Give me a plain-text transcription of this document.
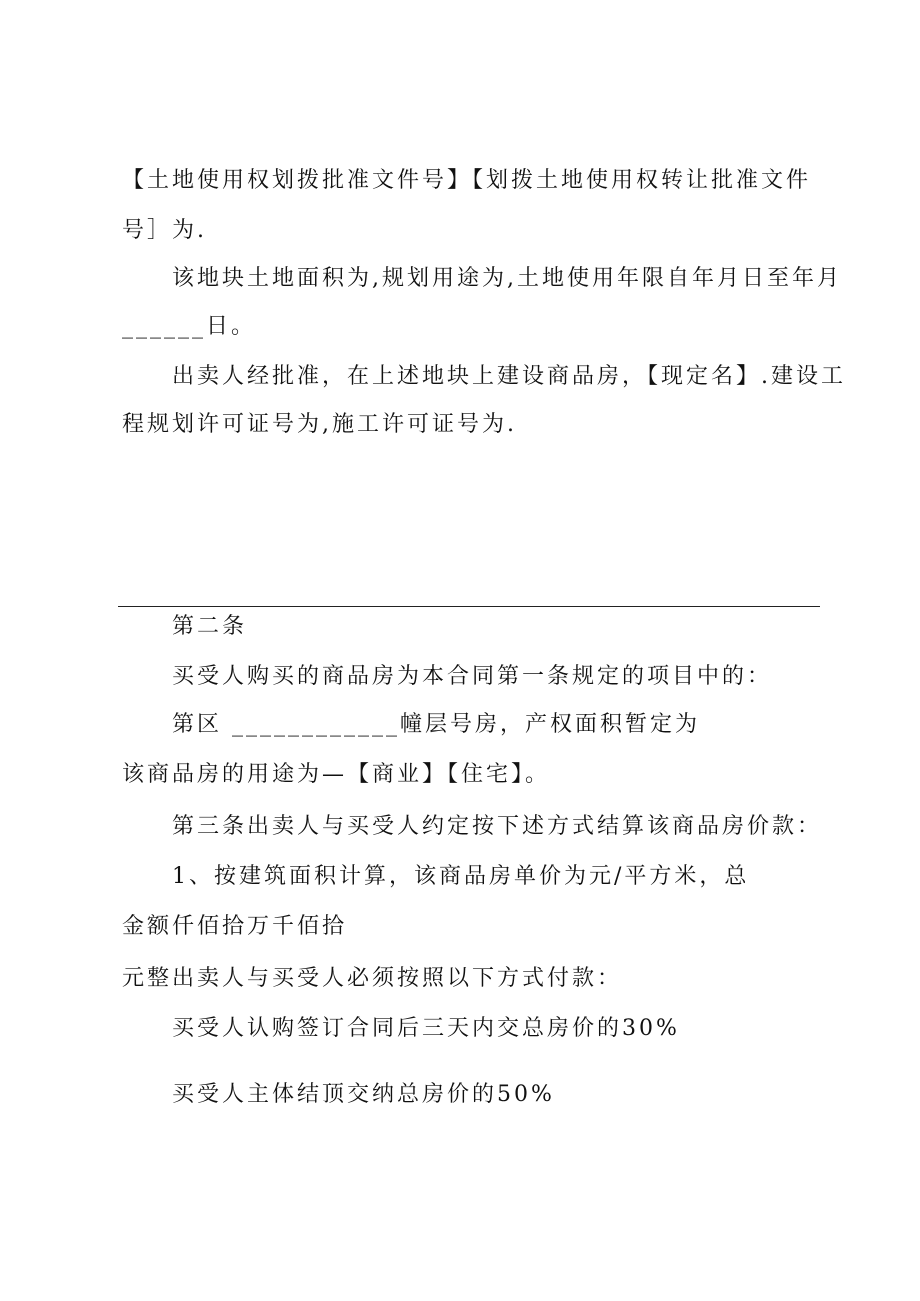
【土地使用权划拨批准文件号】【划拨土地使用权转让批准文件
号］为.
该地块土地面积为,规划用途为,土地使用年限自年月日至年月
______日。
出卖人经批准，在上述地块上建设商品房，【现定名】.建设工
程规划许可证号为,施工许可证号为.
第二条
买受人购买的商品房为本合同第一条规定的项目中的：
第区 ____________幢层号房，产权面积暂定为
该商品房的用途为—【商业】【住宅】。
第三条出卖人与买受人约定按下述方式结算该商品房价款：
1、按建筑面积计算，该商品房单价为元/平方米，总
金额仟佰拾万千佰拾
元整出卖人与买受人必须按照以下方式付款：
买受人认购签订合同后三天内交总房价的30%
买受人主体结顶交纳总房价的50%
